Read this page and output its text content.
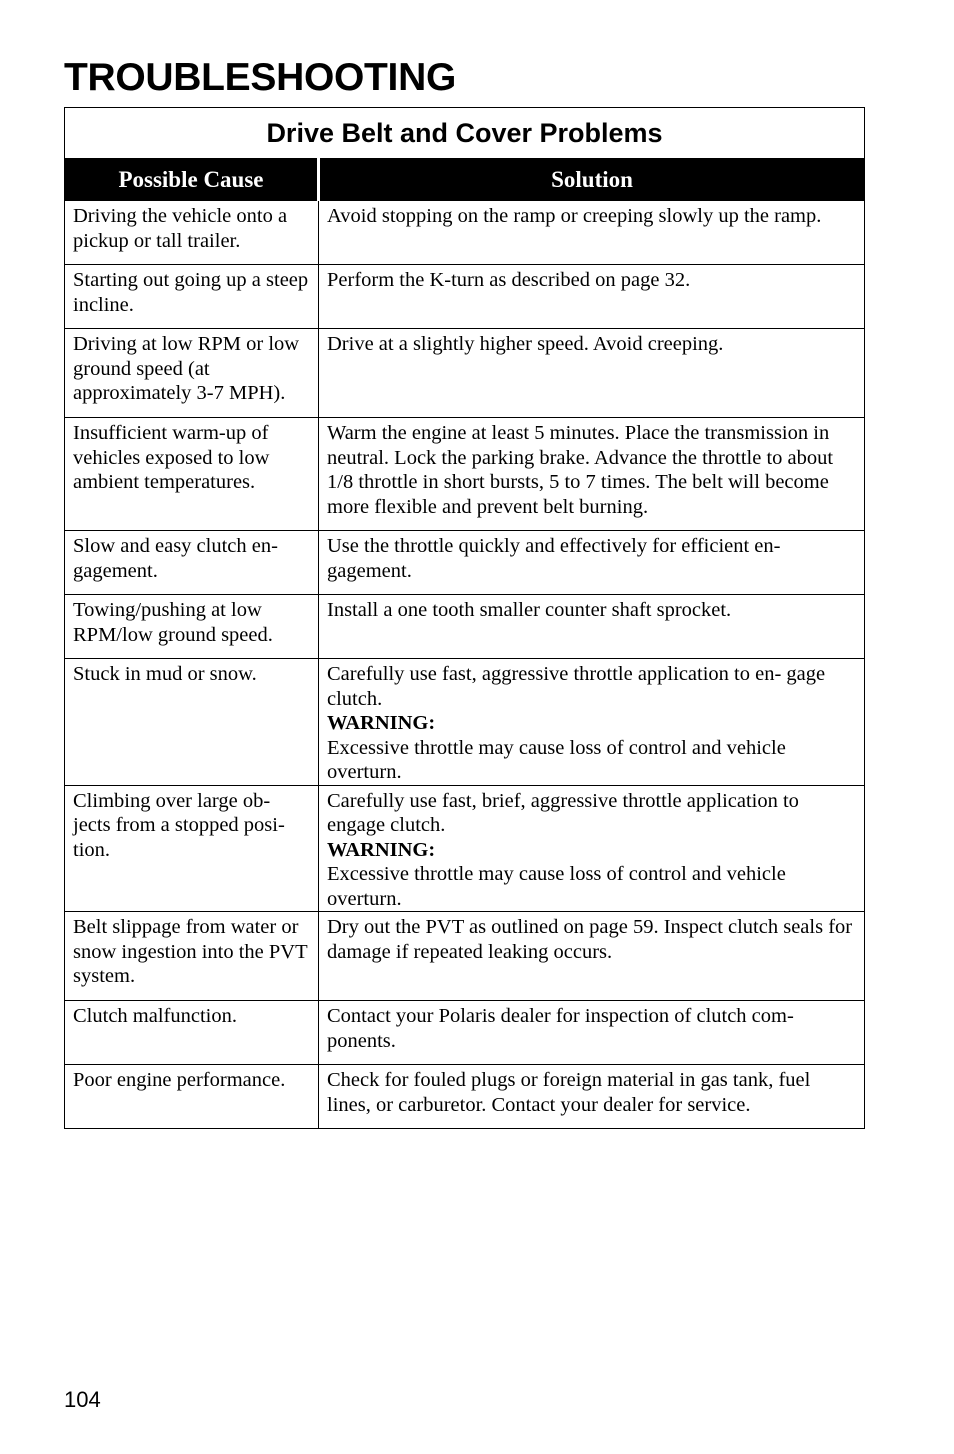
TROUBLESHOOTING
Drive Belt and Cover Problems	
Possible Cause	Solution
Driving the vehicle onto a pickup or tall trailer.	Avoid stopping on the ramp or creeping slowly up the ramp.
Starting out going up a steep incline.	Perform the K-turn as described on page 32.
Driving at low RPM or low ground speed (at approximately 3-7 MPH).	Drive at a slightly higher speed. Avoid creeping.
Insufficient warm-up of vehicles exposed to low ambient temperatures.	Warm the engine at least 5 minutes. Place the transmission in neutral. Lock the parking brake. Advance the throttle to about 1/8 throttle in short bursts, 5 to 7 times. The belt will become more flexible and prevent belt burning.
Slow and easy clutch en- gagement.	Use the throttle quickly and effectively for efficient en- gagement.
Towing/pushing at low RPM/low ground speed.	Install a one tooth smaller counter shaft sprocket.
Stuck in mud or snow.	Carefully use fast, aggressive throttle application to en- gage clutch.
WARNING:
Excessive throttle may cause loss of control and vehicle overturn.

Climbing over large ob- jects from a stopped posi- tion.	Carefully use fast, brief, aggressive throttle application to engage clutch.
WARNING:
Excessive throttle may cause loss of control and vehicle overturn.

Belt slippage from water or snow ingestion into the PVT system.	Dry out the PVT as outlined on page 59. Inspect clutch seals for damage if repeated leaking occurs.
Clutch malfunction.	Contact your Polaris dealer for inspection of clutch com- ponents.
Poor engine performance.	Check for fouled plugs or foreign material in gas tank, fuel lines, or carburetor. Contact your dealer for service.
104
